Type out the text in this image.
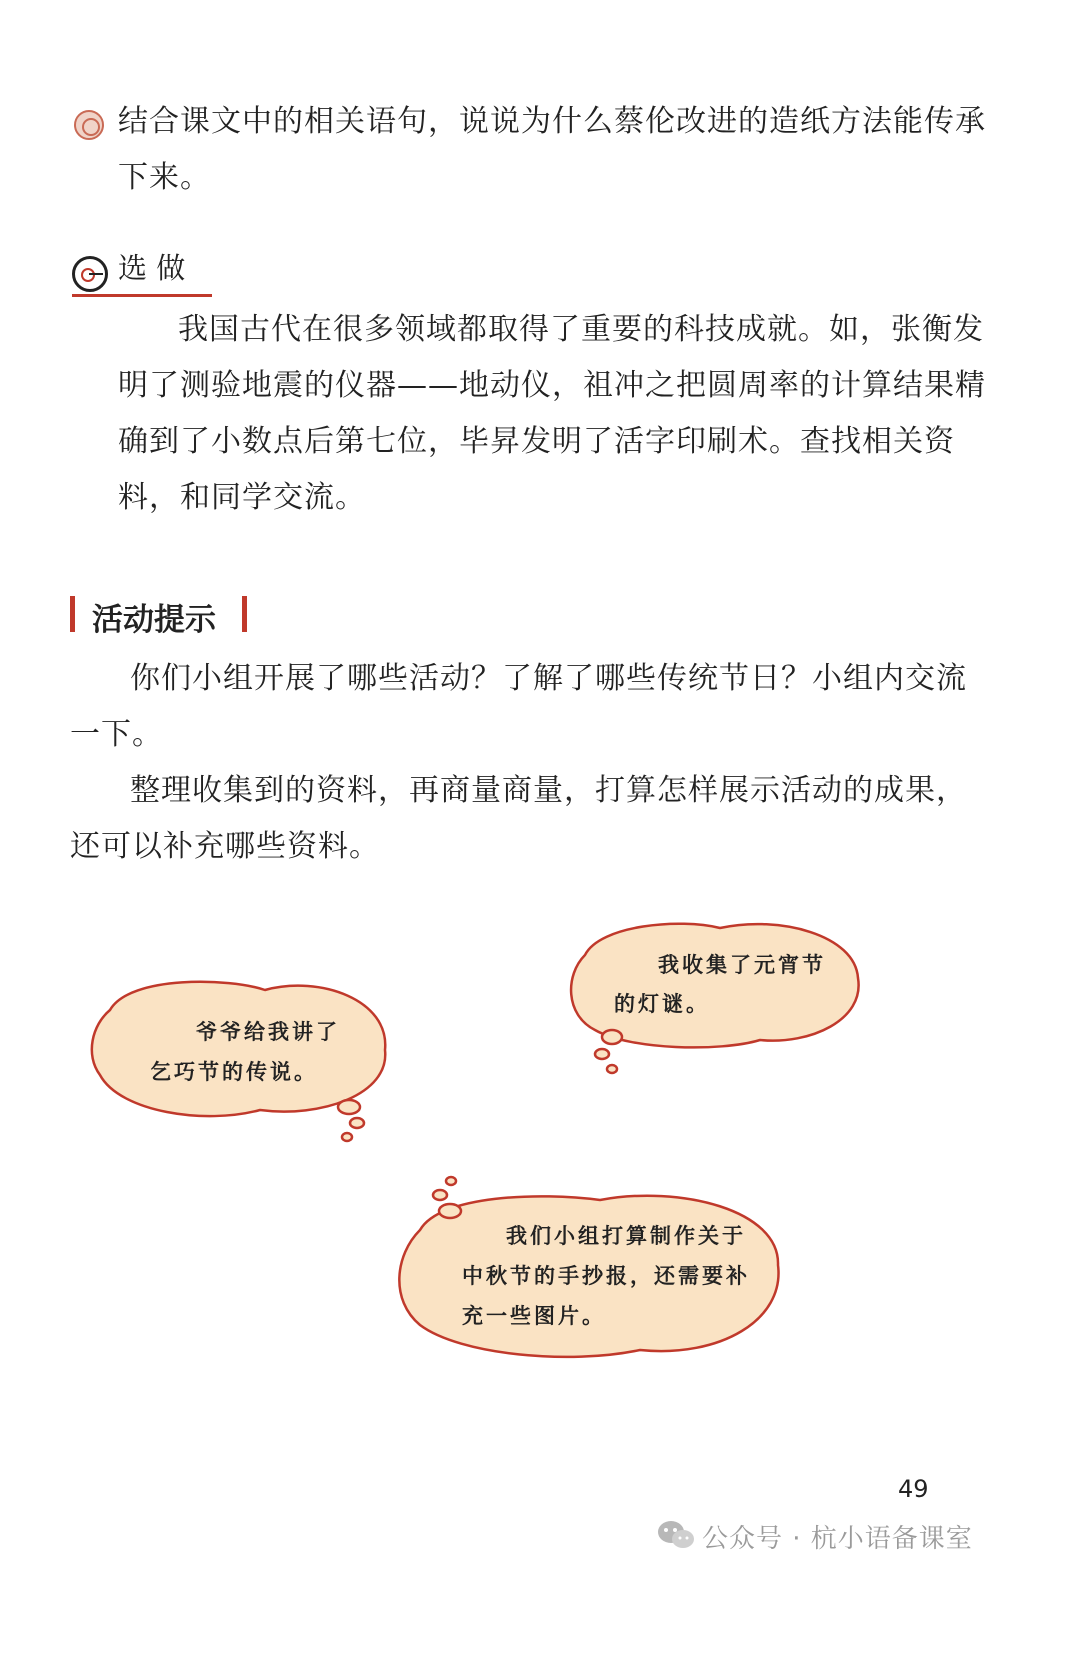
结合课文中的相关语句，说说为什么蔡伦改进的造纸方法能传承
下来。
选 做
我国古代在很多领域都取得了重要的科技成就。如，张衡发
明了测验地震的仪器——地动仪，祖冲之把圆周率的计算结果精
确到了小数点后第七位，毕昇发明了活字印刷术。查找相关资
料，和同学交流。
活动提示
你们小组开展了哪些活动？了解了哪些传统节日？小组内交流
一下。
整理收集到的资料，再商量商量，打算怎样展示活动的成果，
还可以补充哪些资料。
爷爷给我讲了
乞巧节的传说。
我收集了元宵节
的灯谜。
我们小组打算制作关于
中秋节的手抄报，还需要补
充一些图片。
49
公众号 · 杭小语备课室
